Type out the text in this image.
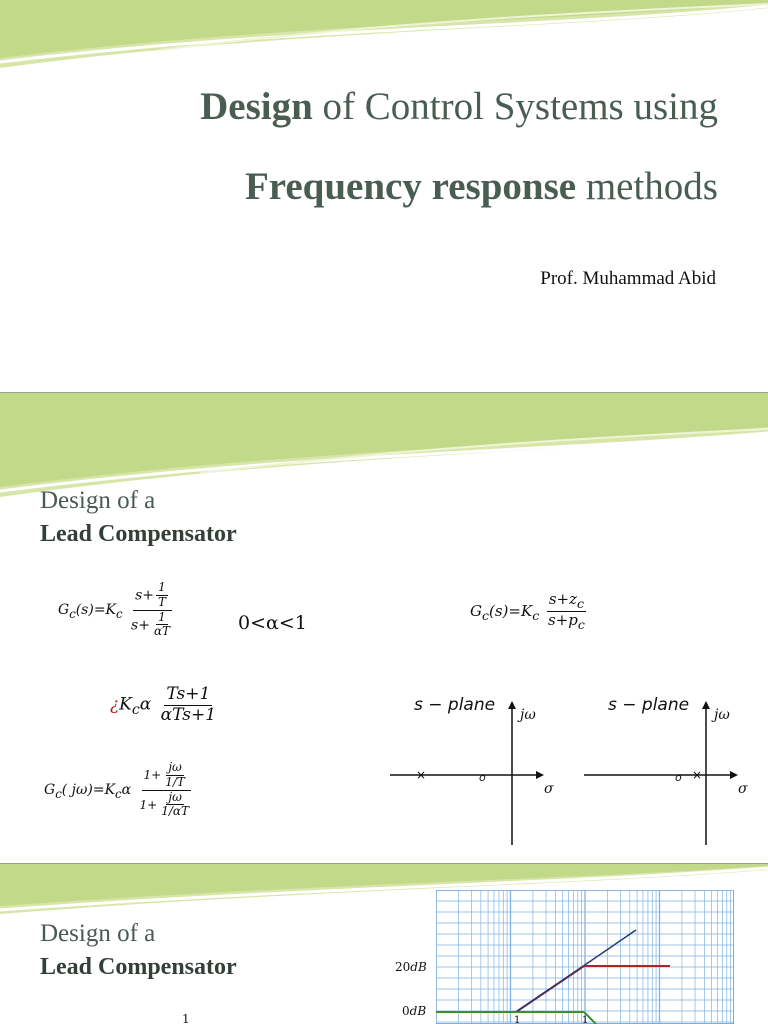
Design of Control Systems using
Frequency response methods
Prof. Muhammad Abid
Design of a
Lead Compensator
$G_c(s)=K_c \frac{s+ \frac{1}{T}}{s+ \frac{1}{\alpha T}}$	0<α<1
¿$K_c\alpha \frac{Ts+1}{\text{αTs+1}}$
$G_c$( $j\omega)=K_c\alpha \frac{1+ \frac{j\omega}{1/T}}{1+ \frac{j\omega}{1/\alpha T}}$
$G_c(s)=K_c \frac{s+z_c}{s+p_c}$
s − plane jω
σ
×	o
s − plane jω
σ
o ×
Design of a
Lead Compensator
1
20dB
0dB
1	1
